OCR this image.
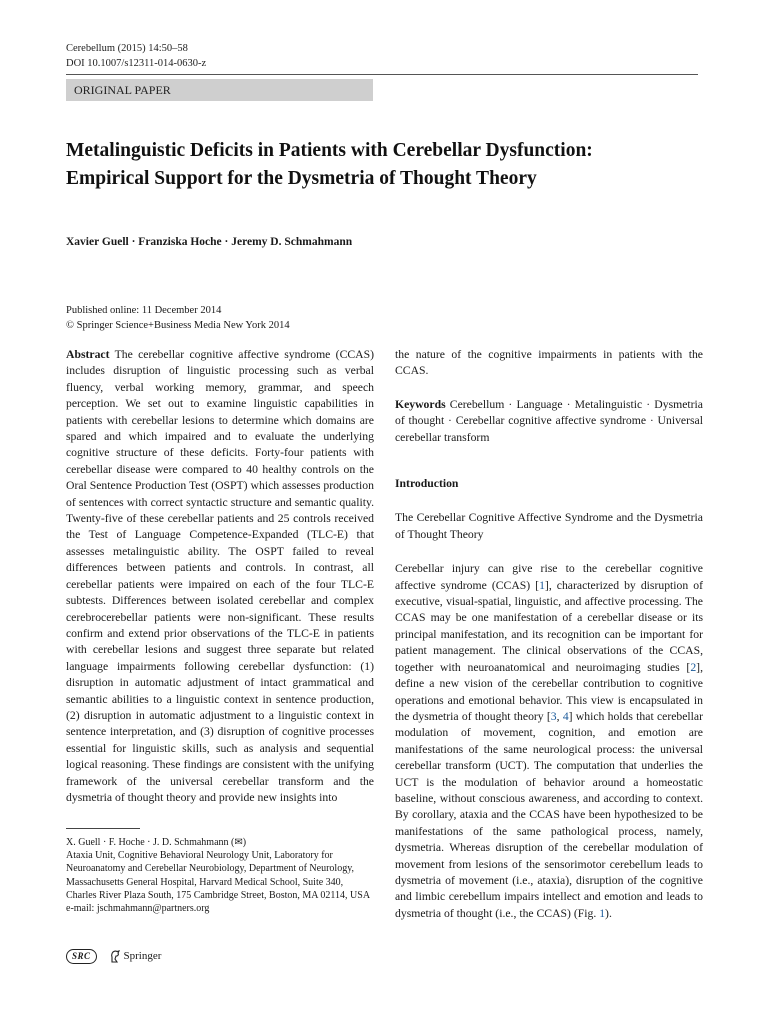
Cerebellum (2015) 14:50–58
DOI 10.1007/s12311-014-0630-z
ORIGINAL PAPER
Metalinguistic Deficits in Patients with Cerebellar Dysfunction: Empirical Support for the Dysmetria of Thought Theory
Xavier Guell · Franziska Hoche · Jeremy D. Schmahmann
Published online: 11 December 2014
© Springer Science+Business Media New York 2014

Abstract The cerebellar cognitive affective syndrome (CCAS) includes disruption of linguistic processing such as verbal fluency, verbal working memory, grammar, and speech perception. We set out to examine linguistic capabilities in patients with cerebellar lesions to determine which domains are spared and which impaired and to evaluate the underlying cognitive structure of these deficits. Forty-four patients with cerebellar disease were compared to 40 healthy controls on the Oral Sentence Production Test (OSPT) which assesses production of sentences with correct syntactic structure and semantic quality. Twenty-five of these cerebellar patients and 25 controls received the Test of Language Competence-Expanded (TLC-E) that assesses metalinguistic ability. The OSPT failed to reveal differences between patients and controls. In contrast, all cerebellar patients were impaired on each of the four TLC-E subtests. Differences between isolated cerebellar and complex cerebrocerebellar patients were non-significant. These results confirm and extend prior observations of the TLC-E in patients with cerebellar lesions and suggest three separate but related language impairments following cerebellar dysfunction: (1) disruption in automatic adjustment of intact grammatical and semantic abilities to a linguistic context in sentence production, (2) disruption in automatic adjustment to a linguistic context in sentence interpretation, and (3) disruption of cognitive processes essential for linguistic skills, such as analysis and sequential logical reasoning. These findings are consistent with the unifying framework of the universal cerebellar transform and the dysmetria of thought theory and provide new insights into

the nature of the cognitive impairments in patients with the CCAS.

Keywords Cerebellum · Language · Metalinguistic · Dysmetria of thought · Cerebellar cognitive affective syndrome · Universal cerebellar transform

Introduction

The Cerebellar Cognitive Affective Syndrome and the Dysmetria of Thought Theory

Cerebellar injury can give rise to the cerebellar cognitive affective syndrome (CCAS) [1], characterized by disruption of executive, visual-spatial, linguistic, and affective processing. The CCAS may be one manifestation of a cerebellar disease or its principal manifestation, and its recognition can be important for patient management. The clinical observations of the CCAS, together with neuroanatomical and neuroimaging studies [2], define a new vision of the cerebellar contribution to cognitive operations and emotional behavior. This view is encapsulated in the dysmetria of thought theory [3, 4] which holds that cerebellar modulation of movement, cognition, and emotion are manifestations of the same neurological process: the universal cerebellar transform (UCT). The computation that underlies the UCT is the modulation of behavior around a homeostatic baseline, without conscious awareness, and according to context. By corollary, ataxia and the CCAS have been hypothesized to be manifestations of the same pathological process, namely, dysmetria. Whereas disruption of the cerebellar modulation of movement from lesions of the sensorimotor cerebellum leads to dysmetria of movement (i.e., ataxia), disruption of the cognitive and limbic cerebellum impairs intellect and emotion and leads to dysmetria of thought (i.e., the CCAS) (Fig. 1).

X. Guell · F. Hoche · J. D. Schmahmann (✉)
Ataxia Unit, Cognitive Behavioral Neurology Unit, Laboratory for Neuroanatomy and Cerebellar Neurobiology, Department of Neurology, Massachusetts General Hospital, Harvard Medical School, Suite 340, Charles River Plaza South, 175 Cambridge Street, Boston, MA 02114, USA
e-mail: jschmahmann@partners.org
SRC	Springer
